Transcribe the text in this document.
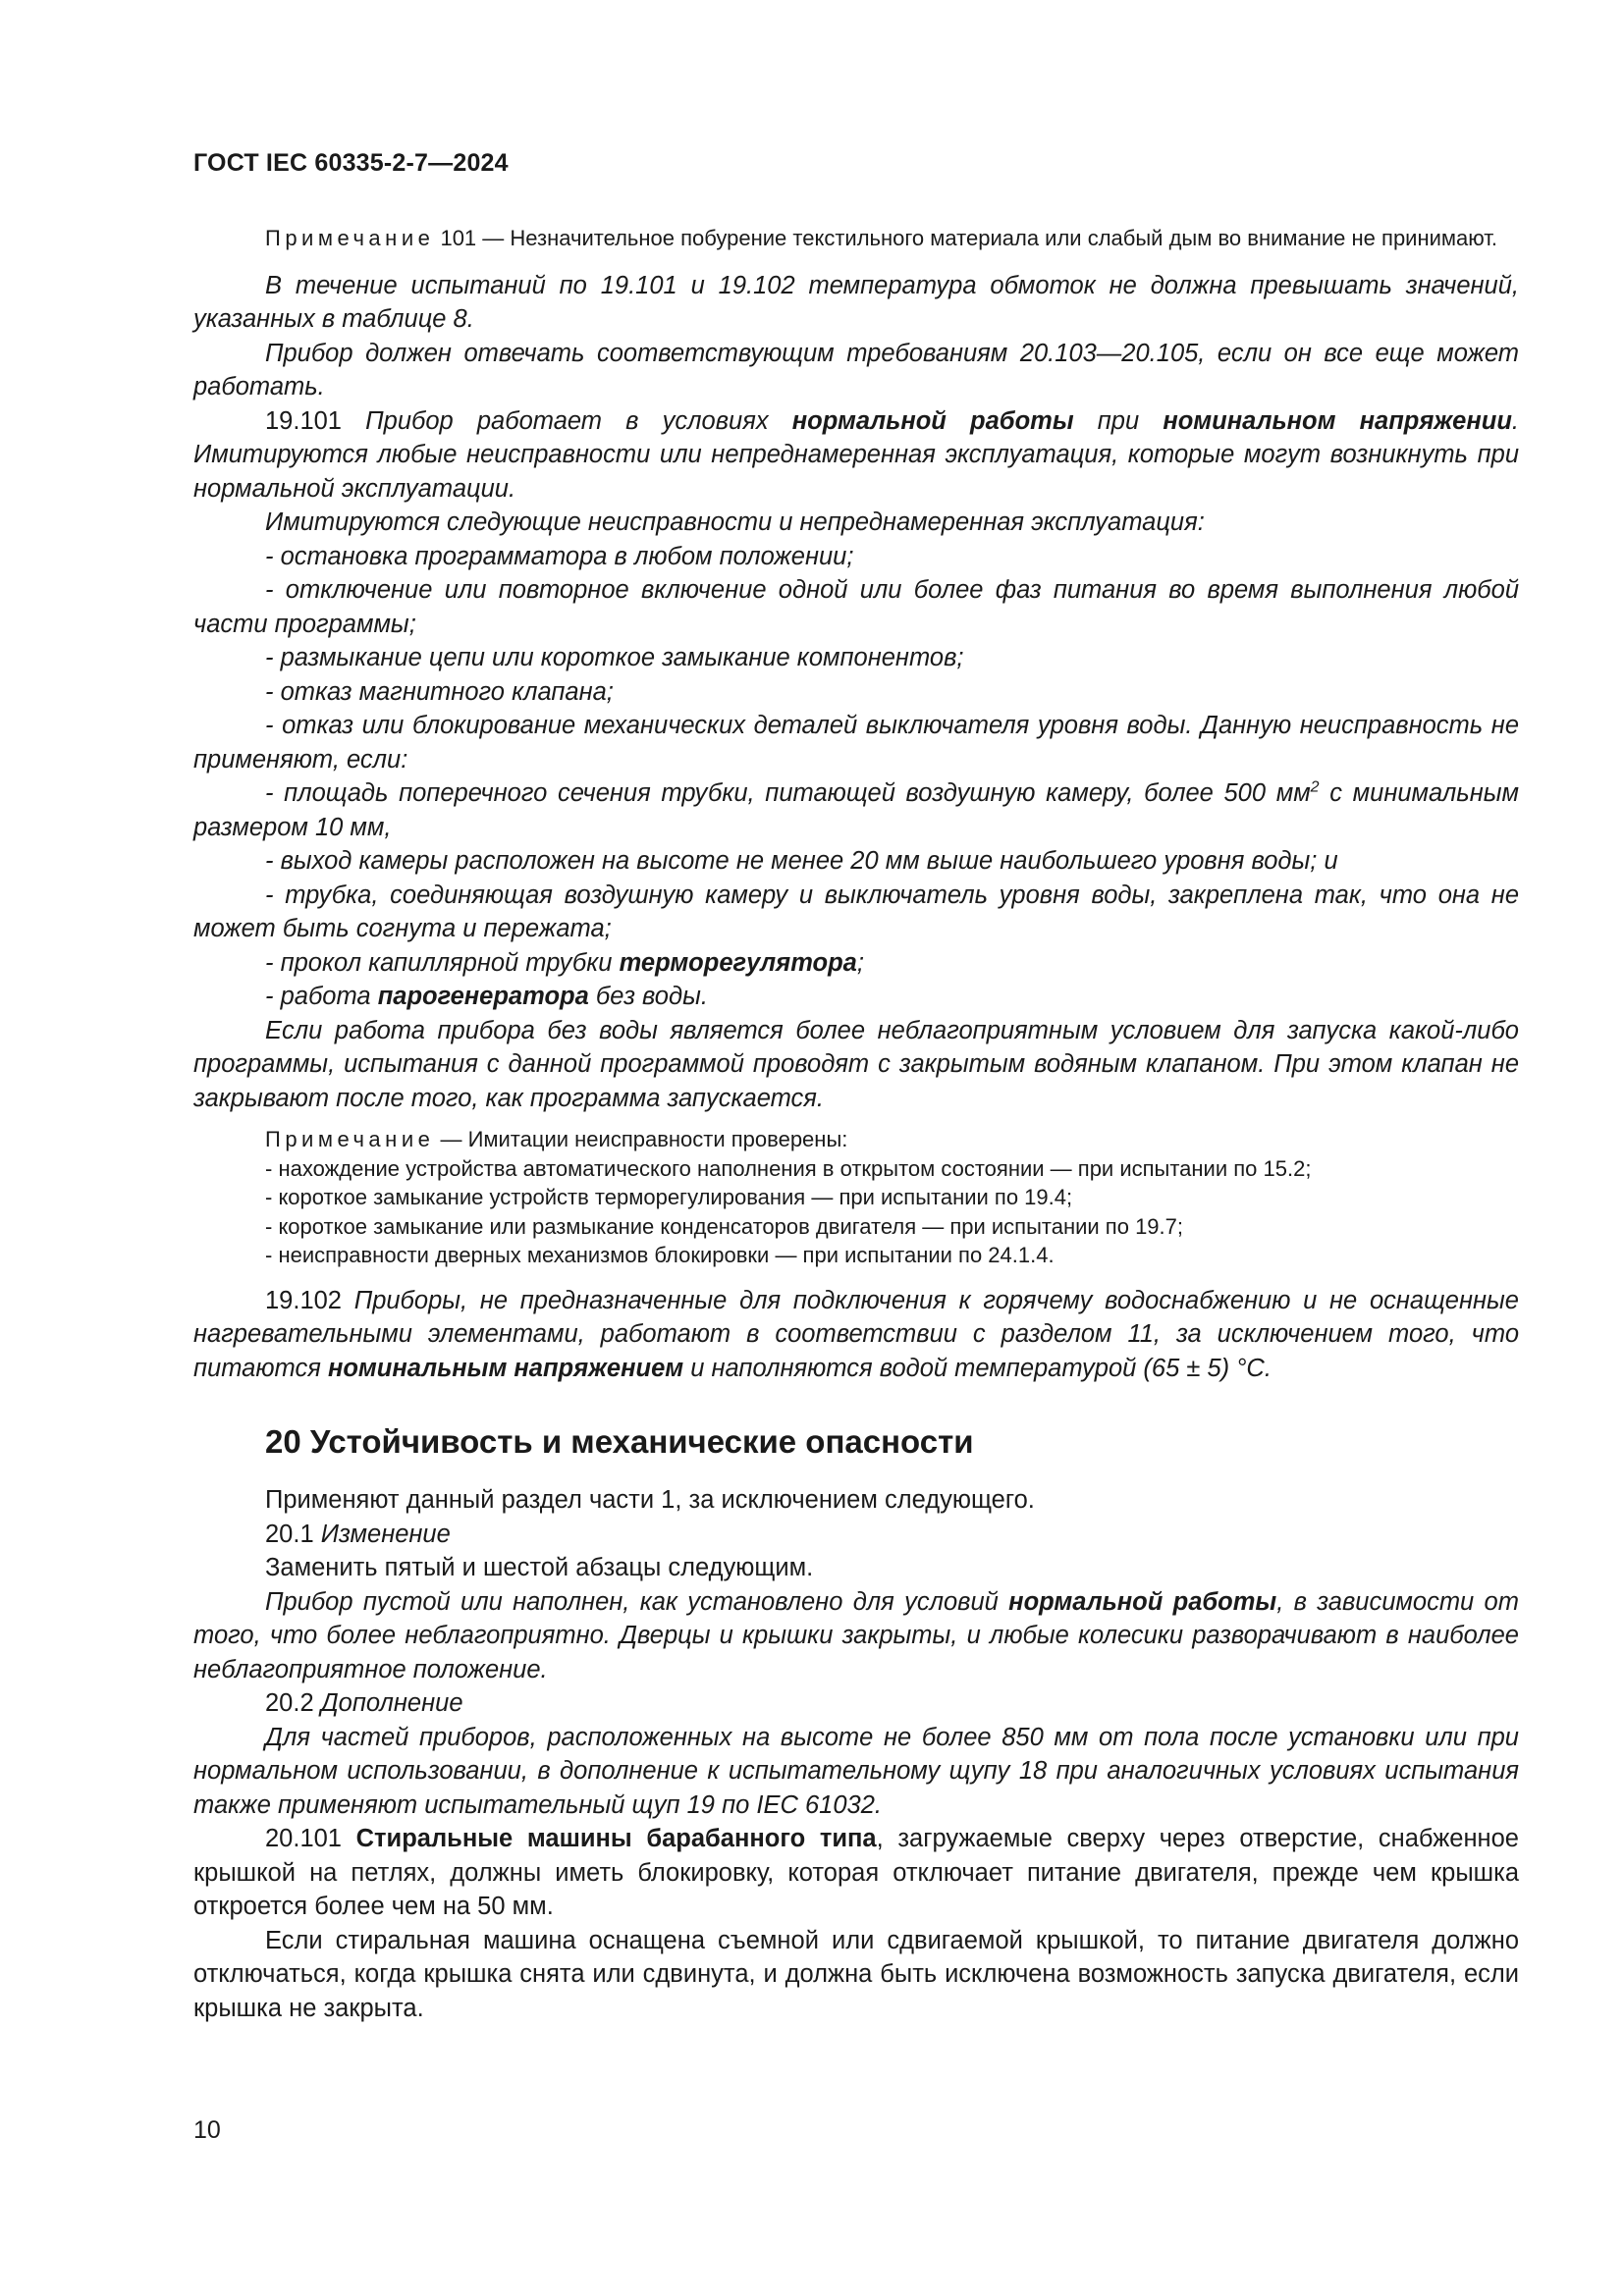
ГОСТ IEC 60335-2-7—2024

Примечание 101 — Незначительное побурение текстильного материала или слабый дым во внимание не принимают.

В течение испытаний по 19.101 и 19.102 температура обмоток не должна превышать значений, указанных в таблице 8.

Прибор должен отвечать соответствующим требованиям 20.103—20.105, если он все еще может работать.

19.101 Прибор работает в условиях нормальной работы при номинальном напряжении. Имитируются любые неисправности или непреднамеренная эксплуатация, которые могут возникнуть при нормальной эксплуатации.

Имитируются следующие неисправности и непреднамеренная эксплуатация:

- остановка программатора в любом положении;

- отключение или повторное включение одной или более фаз питания во время выполнения любой части программы;

- размыкание цепи или короткое замыкание компонентов;

- отказ магнитного клапана;

- отказ или блокирование механических деталей выключателя уровня воды. Данную неисправность не применяют, если:

- площадь поперечного сечения трубки, питающей воздушную камеру, более 500 $мм^2$ с минимальным размером 10 мм,

- выход камеры расположен на высоте не менее 20 мм выше наибольшего уровня воды; и

- трубка, соединяющая воздушную камеру и выключатель уровня воды, закреплена так, что она не может быть согнута и пережата;

- прокол капиллярной трубки терморегулятора;

- работа парогенератора без воды.

Если работа прибора без воды является более неблагоприятным условием для запуска какой-либо программы, испытания с данной программой проводят с закрытым водяным клапаном. При этом клапан не закрывают после того, как программа запускается.

Примечание — Имитации неисправности проверены:

- нахождение устройства автоматического наполнения в открытом состоянии — при испытании по 15.2;

- короткое замыкание устройств терморегулирования — при испытании по 19.4;

- короткое замыкание или размыкание конденсаторов двигателя — при испытании по 19.7;

- неисправности дверных механизмов блокировки — при испытании по 24.1.4.

19.102 Приборы, не предназначенные для подключения к горячему водоснабжению и не оснащенные нагревательными элементами, работают в соответствии с разделом 11, за исключением того, что питаются номинальным напряжением и наполняются водой температурой (65 ± 5) °С.

20 Устойчивость и механические опасности

Применяют данный раздел части 1, за исключением следующего.

20.1 Изменение

Заменить пятый и шестой абзацы следующим.

Прибор пустой или наполнен, как установлено для условий нормальной работы, в зависимости от того, что более неблагоприятно. Дверцы и крышки закрыты, и любые колесики разворачивают в наиболее неблагоприятное положение.

20.2 Дополнение

Для частей приборов, расположенных на высоте не более 850 мм от пола после установки или при нормальном использовании, в дополнение к испытательному щупу 18 при аналогичных условиях испытания также применяют испытательный щуп 19 по IEC 61032.

20.101 Стиральные машины барабанного типа, загружаемые сверху через отверстие, снабженное крышкой на петлях, должны иметь блокировку, которая отключает питание двигателя, прежде чем крышка откроется более чем на 50 мм.

Если стиральная машина оснащена съемной или сдвигаемой крышкой, то питание двигателя должно отключаться, когда крышка снята или сдвинута, и должна быть исключена возможность запуска двигателя, если крышка не закрыта.

10
